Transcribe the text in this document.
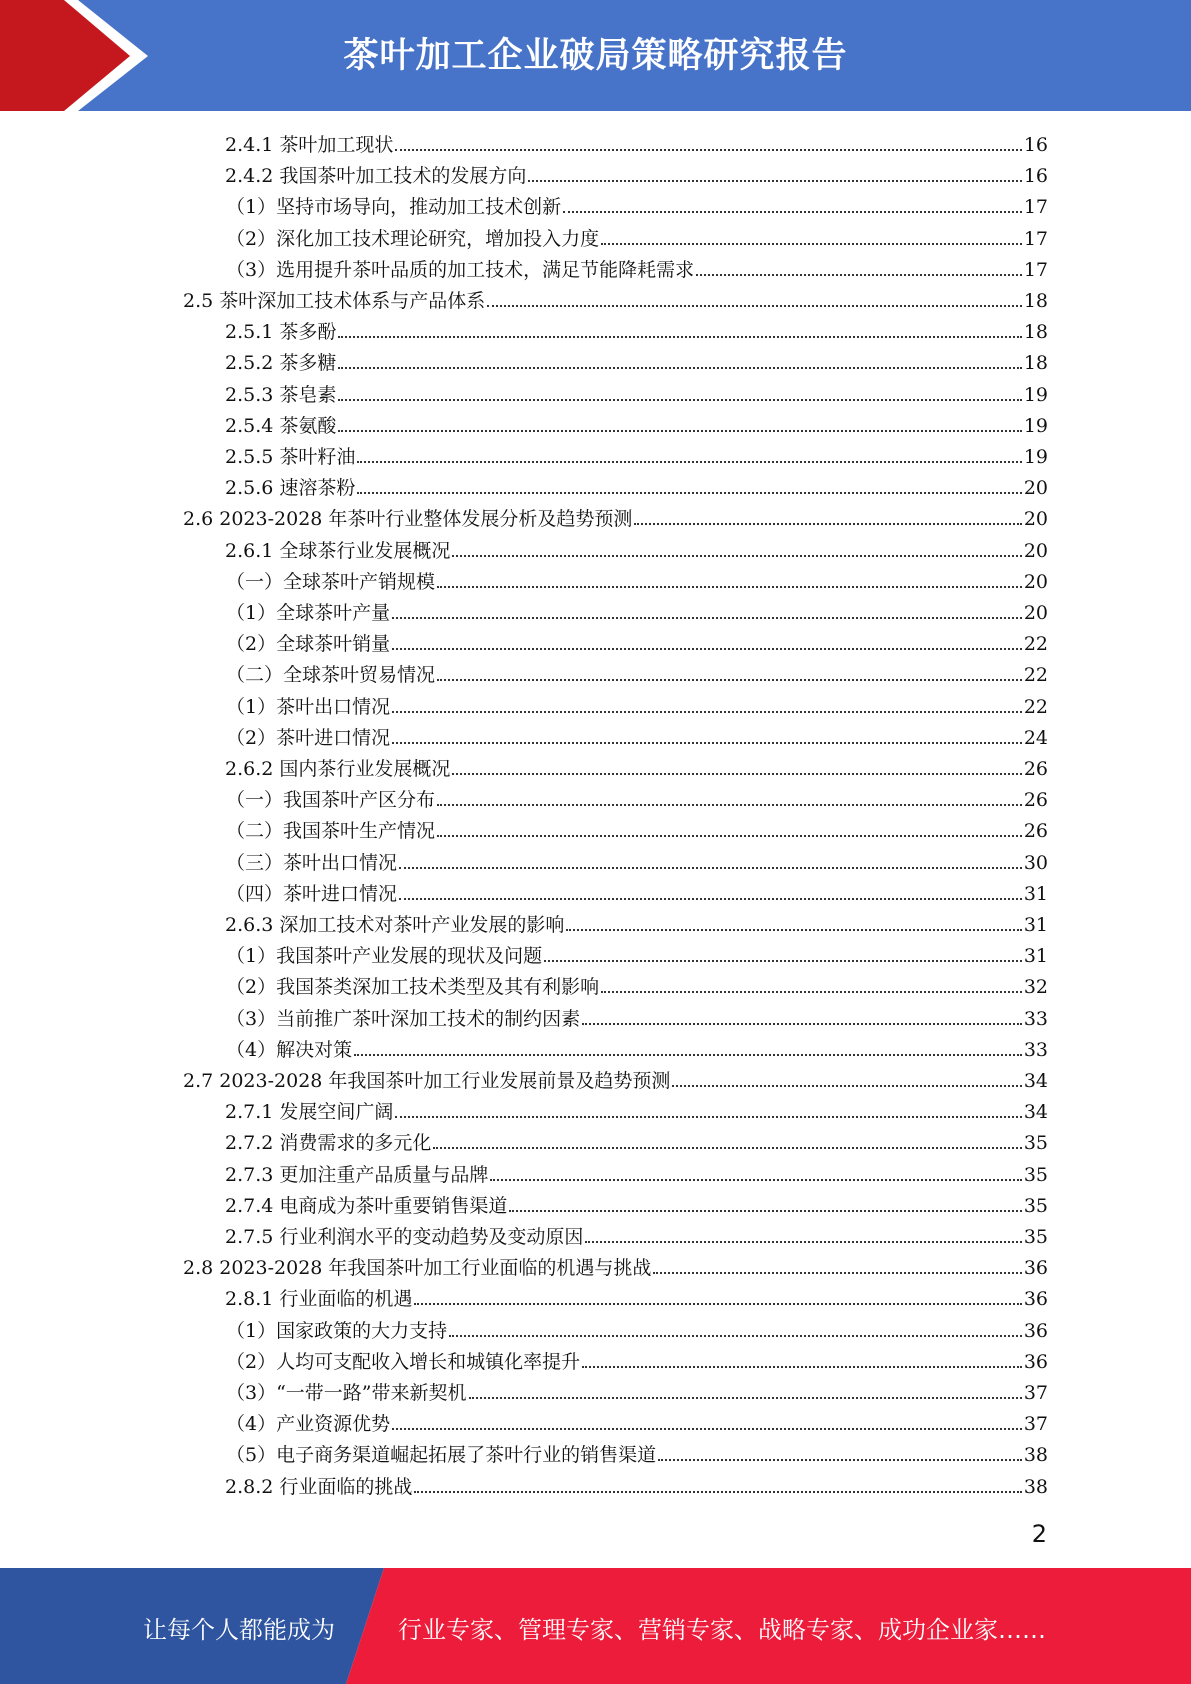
茶叶加工企业破局策略研究报告
2.4.1 茶叶加工现状	16
2.4.2 我国茶叶加工技术的发展方向	16
（1）坚持市场导向，推动加工技术创新	17
（2）深化加工技术理论研究，增加投入力度	17
（3）选用提升茶叶品质的加工技术，满足节能降耗需求	17
2.5 茶叶深加工技术体系与产品体系	18
2.5.1 茶多酚	18
2.5.2 茶多糖	18
2.5.3 茶皂素	19
2.5.4 茶氨酸	19
2.5.5 茶叶籽油	19
2.5.6 速溶茶粉	20
2.6 2023-2028 年茶叶行业整体发展分析及趋势预测	20
2.6.1 全球茶行业发展概况	20
（一）全球茶叶产销规模	20
（1）全球茶叶产量	20
（2）全球茶叶销量	22
（二）全球茶叶贸易情况	22
（1）茶叶出口情况	22
（2）茶叶进口情况	24
2.6.2 国内茶行业发展概况	26
（一）我国茶叶产区分布	26
（二）我国茶叶生产情况	26
（三）茶叶出口情况	30
（四）茶叶进口情况	31
2.6.3 深加工技术对茶叶产业发展的影响	31
（1）我国茶叶产业发展的现状及问题	31
（2）我国茶类深加工技术类型及其有利影响	32
（3）当前推广茶叶深加工技术的制约因素	33
（4）解决对策	33
2.7 2023-2028 年我国茶叶加工行业发展前景及趋势预测	34
2.7.1 发展空间广阔	34
2.7.2 消费需求的多元化	35
2.7.3 更加注重产品质量与品牌	35
2.7.4 电商成为茶叶重要销售渠道	35
2.7.5 行业利润水平的变动趋势及变动原因	35
2.8 2023-2028 年我国茶叶加工行业面临的机遇与挑战	36
2.8.1 行业面临的机遇	36
（1）国家政策的大力支持	36
（2）人均可支配收入增长和城镇化率提升	36
（3）“一带一路”带来新契机	37
（4）产业资源优势	37
（5）电子商务渠道崛起拓展了茶叶行业的销售渠道	38
2.8.2 行业面临的挑战	38
2
让每个人都能成为	行业专家、管理专家、营销专家、战略专家、成功企业家……
